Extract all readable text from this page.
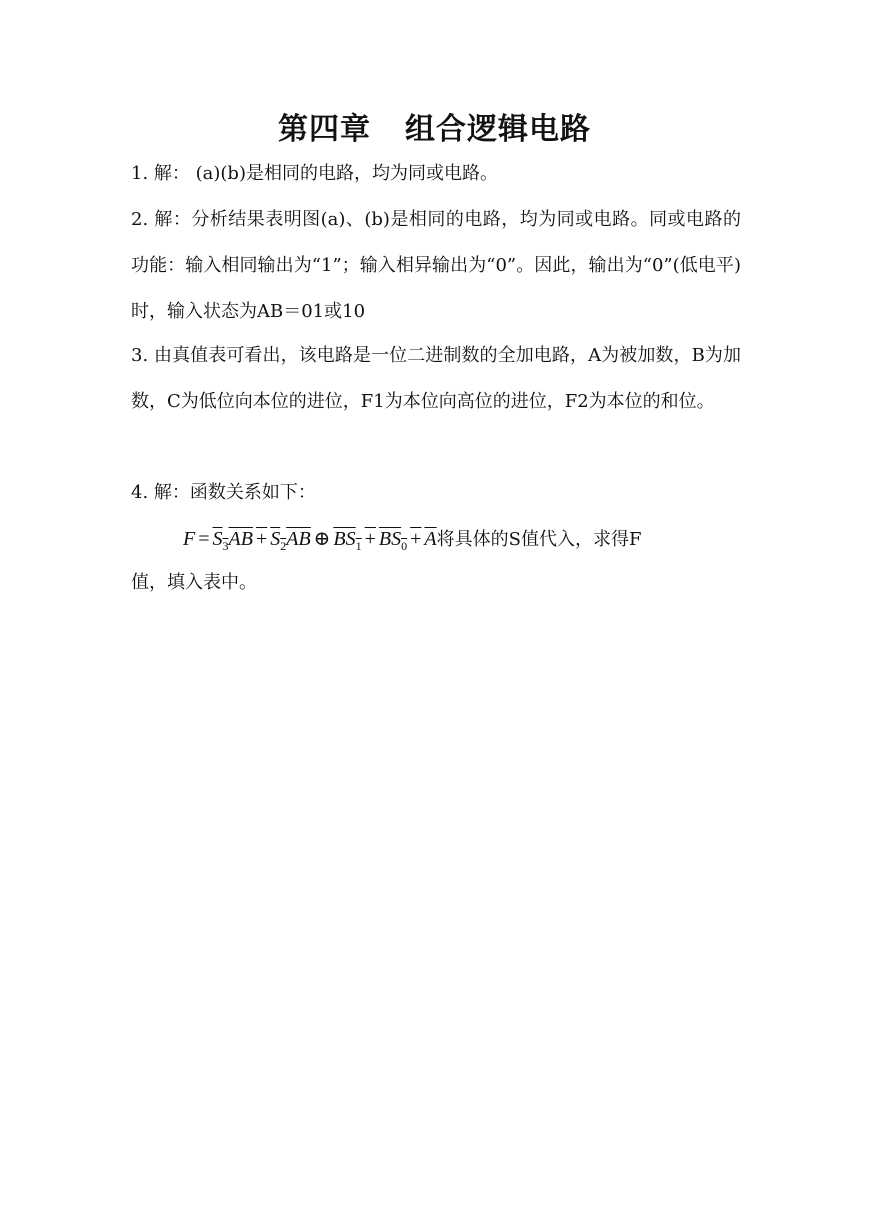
第四章 组合逻辑电路

1. 解： (a)(b)是相同的电路，均为同或电路。

2. 解：分析结果表明图(a)、(b)是相同的电路，均为同或电路。同或电路的功能：输入相同输出为“1”；输入相异输出为“0”。因此，输出为“0”(低电平)时，输入状态为AB＝01或10

3. 由真值表可看出，该电路是一位二进制数的全加电路，A为被加数，B为加数，C为低位向本位的进位，F1为本位向高位的进位，F2为本位的和位。

4. 解：函数关系如下：

$F = S_3AB + S_2AB$ ⊕ $BS_1 + BS_0 + A$将具体的S值代入，求得F

值，填入表中。
